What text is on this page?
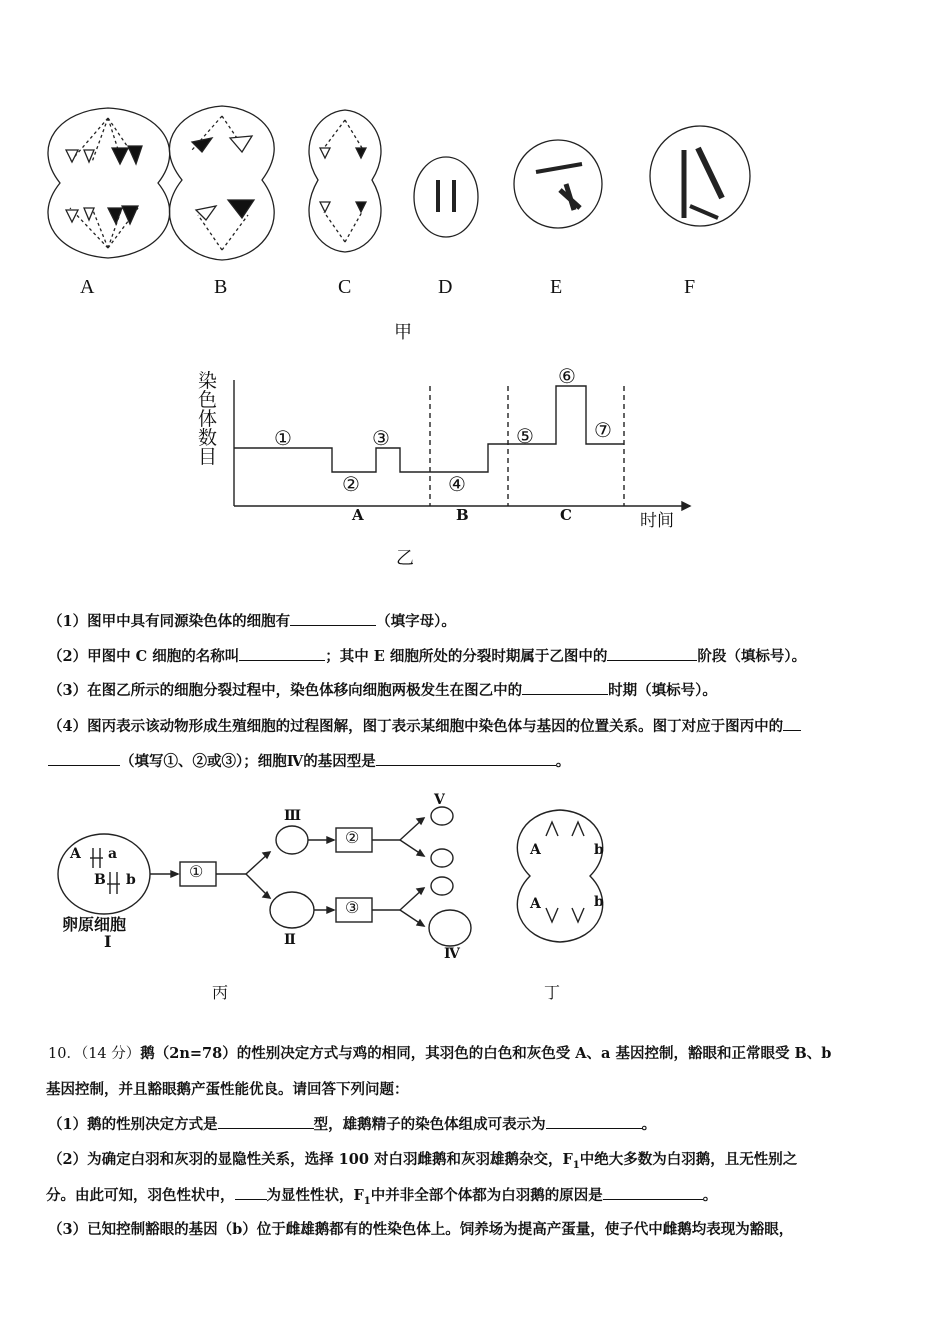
A	B	C	D	E	F
甲
染色体数目
时间
A	B	C
①
②
③
④
⑤
⑥
⑦
乙
（1）图甲中具有同源染色体的细胞有	（填字母）。
（2）甲图中 C 细胞的名称叫	；其中 E 细胞所处的分裂时期属于乙图中的	阶段（填标号）。
（3）在图乙所示的细胞分裂过程中，染色体移向细胞两极发生在图乙中的	时期（填标号）。
（4）图丙表示该动物形成生殖细胞的过程图解，图丁表示某细胞中染色体与基因的位置关系。图丁对应于图丙中的
（填写①、②或③）；细胞Ⅳ的基因型是	。
A a
B b
卵原细胞
Ⅰ
①
②
③
Ⅱ
Ⅲ
Ⅳ
Ⅴ
丙
A	b
A	b
丁
10．（14 分）鹅（2n=78）的性别决定方式与鸡的相同，其羽色的白色和灰色受 A、a 基因控制，豁眼和正常眼受 B、b
基因控制，并且豁眼鹅产蛋性能优良。请回答下列问题：
（1）鹅的性别决定方式是	型，雄鹅精子的染色体组成可表示为	。
（2）为确定白羽和灰羽的显隐性关系，选择 100 对白羽雌鹅和灰羽雄鹅杂交，$F_1$中绝大多数为白羽鹅，且无性别之
分。由此可知，羽色性状中， 为显性性状，$F_1$中并非全部个体都为白羽鹅的原因是	。
（3）已知控制豁眼的基因（b）位于雌雄鹅都有的性染色体上。饲养场为提高产蛋量，使子代中雌鹅均表现为豁眼，
